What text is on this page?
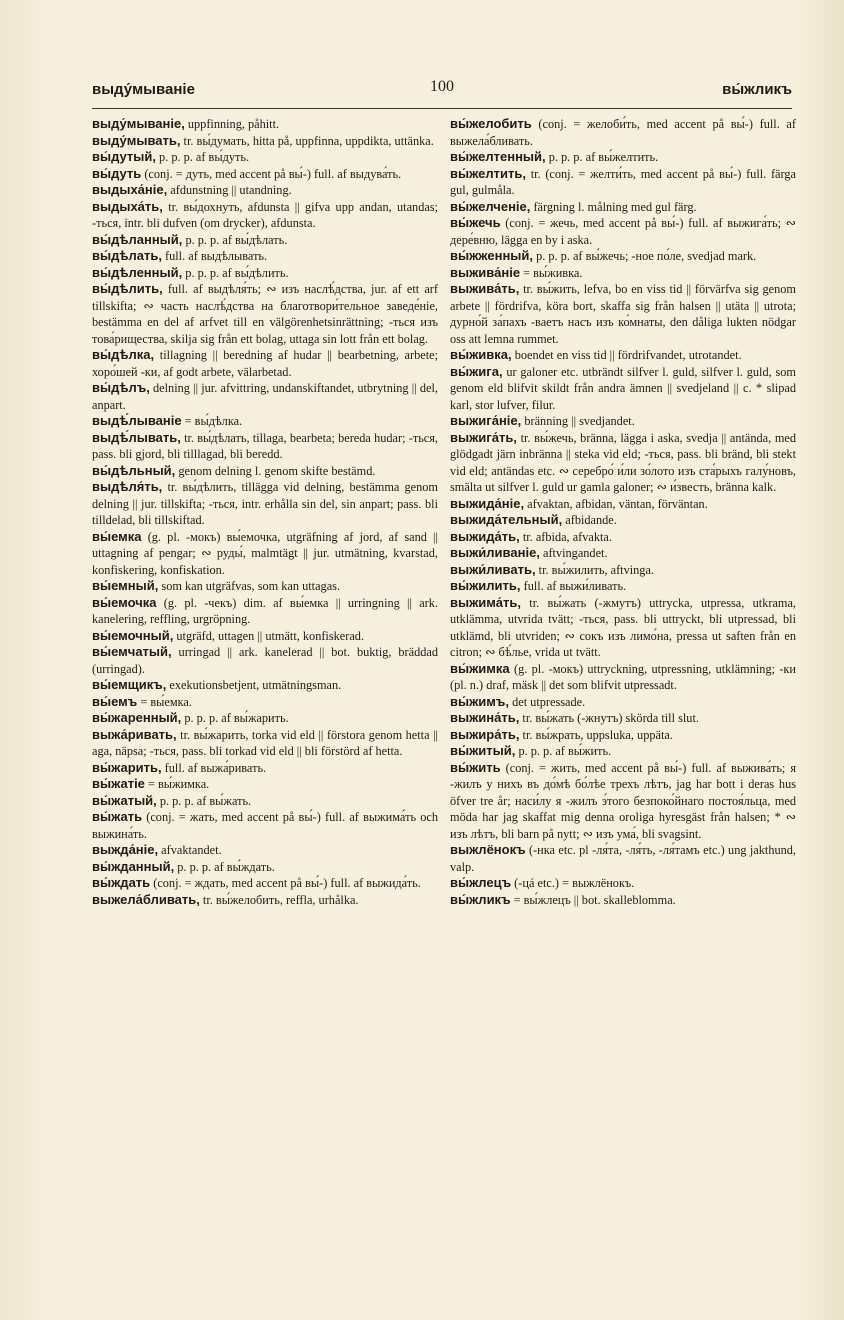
выду́мываніе	100	вы́жликъ

выду́мываніе, uppfinning, påhitt.

выду́мывать, tr. вы́думать, hitta på, uppfinna, uppdikta, uttänka.

вы́дутый, p. p. p. af вы́дуть.

вы́дуть (conj. = дуть, med accent på вы́-) full. af выдува́ть.

выдыха́ніе, afdunstning || utandning.

выдыха́ть, tr. вы́дохнуть, afdunsta || gifva upp andan, utandas; -ться, intr. bli dufven (om drycker), afdunsta.

вы́дѣланный, p. p. p. af вы́дѣлать.

вы́дѣлать, full. af выдѣлывать.

вы́дѣленный, p. p. p. af вы́дѣлить.

вы́дѣлить, full. af выдѣля́ть; ∾ изъ наслѣ́дства, jur. af ett arf tillskifta; ∾ часть наслѣ́дства на благотвори́тельное заведе́ніе, bestämma en del af arfvet till en välgörenhetsinrättning; -ться изъ това́рищества, skilja sig från ett bolag, uttaga sin lott från ett bolag.

вы́дѣлка, tillagning || beredning af hudar || bearbetning, arbete; хоро́шей -ки, af godt arbete, välarbetad.

вы́дѣлъ, delning || jur. afvittring, undanskiftandet, utbrytning || del, anpart.

выдѣ́лываніе = вы́дѣлка.

выдѣ́лывать, tr. вы́дѣлать, tillaga, bearbeta; bereda hudar; -ться, pass. bli gjord, bli tilllagad, bli beredd.

вы́дѣльный, genom delning l. genom skifte bestämd.

выдѣля́ть, tr. вы́дѣлить, tillägga vid delning, bestämma genom delning || jur. tillskifta; -ться, intr. erhålla sin del, sin anpart; pass. bli tilldelad, bli tillskiftad.

вы́емка (g. pl. -мокъ) вы́емочка, utgräfning af jord, af sand || uttagning af pengar; ∾ руды́, malmtägt || jur. utmätning, kvarstad, konfiskering, konfiskation.

вы́емный, som kan utgräfvas, som kan uttagas.

вы́емочка (g. pl. -чекъ) dim. af вы́емка || urringning || ark. kanelering, reffling, urgröpning.

вы́емочный, utgräfd, uttagen || utmätt, konfiskerad.

вы́емчатый, urringad || ark. kanelerad || bot. buktig, bräddad (urringad).

вы́емщикъ, exekutionsbetjent, utmätningsman.

вы́емъ = вы́емка.

вы́жаренный, p. p. p. af вы́жарить.

выжа́ривать, tr. вы́жарить, torka vid eld || förstora genom hetta || aga, näpsa; -ться, pass. bli torkad vid eld || bli förstörd af hetta.

вы́жарить, full. af выжа́ривать.

вы́жатіе = вы́жимка.

вы́жатый, p. p. p. af вы́жать.

вы́жать (conj. = жать, med accent på вы́-) full. af выжима́ть och выжина́ть.

выжда́ніе, afvaktandet.

вы́жданный, p. p. p. af вы́ждать.

вы́ждать (conj. = ждать, med accent på вы́-) full. af выжида́ть.

выжела́бливать, tr. вы́желобить, reffla, urhålka.

вы́желобить (conj. = желоби́ть, med accent på вы́-) full. af выжела́бливать.

вы́желтенный, p. p. p. af вы́желтить.

вы́желтить, tr. (conj. = желти́ть, med accent på вы́-) full. färga gul, gulmåla.

вы́желченіе, färgning l. målning med gul färg.

вы́жечь (conj. = жечь, med accent på вы́-) full. af выжига́ть; ∾ дере́вню, lägga en by i aska.

вы́жженный, p. p. p. af вы́жечь; -ное по́ле, svedjad mark.

выжива́ніе = вы́живка.

выжива́ть, tr. вы́жить, lefva, bo en viss tid || förvärfva sig genom arbete || fördrifva, köra bort, skaffa sig från halsen || utäta || utrota; дурно́й за́пахъ -ваетъ насъ изъ ко́мнаты, den dåliga lukten nödgar oss att lemna rummet.

вы́живка, boendet en viss tid || fördrifvandet, utrotandet.

вы́жига, ur galoner etc. utbrändt silfver l. guld, silfver l. guld, som genom eld blifvit skildt från andra ämnen || svedjeland || c. * slipad karl, stor lufver, filur.

выжига́ніе, bränning || svedjandet.

выжига́ть, tr. вы́жечь, bränna, lägga i aska, svedja || antända, med glödgadt järn inbränna || steka vid eld; -ться, pass. bli bränd, bli stekt vid eld; antändas etc. ∾ серебро́ и́ли зо́лото изъ ста́рыхъ галу́новъ, smälta ut silfver l. guld ur gamla galoner; ∾ и́звесть, bränna kalk.

выжида́ніе, afvaktan, afbidan, väntan, förväntan.

выжида́тельный, afbidande.

выжида́ть, tr. afbida, afvakta.

выжи́ливаніе, aftvingandet.

выжи́ливать, tr. вы́жилить, aftvinga.

вы́жилить, full. af выжи́ливать.

выжима́ть, tr. вы́жать (-жмутъ) uttrycka, utpressa, utkrama, utklämma, utvrida tvätt; -ться, pass. bli uttryckt, bli utpressad, bli utklämd, bli utvriden; ∾ сокъ изъ лимо́на, pressa ut saften från en citron; ∾ бѣ́лье, vrida ut tvätt.

вы́жимка (g. pl. -мокъ) uttryckning, utpressning, utklämning; -ки (pl. n.) draf, mäsk || det som blifvit utpressadt.

вы́жимъ, det utpressade.

выжина́ть, tr. вы́жать (-жнутъ) skörda till slut.

выжира́ть, tr. вы́жрать, uppsluka, uppäta.

вы́житый, p. p. p. af вы́жить.

вы́жить (conj. = жить, med accent på вы́-) full. af выжива́ть; я -жилъ у нихъ въ до́мѣ бо́лѣе трехъ лѣтъ, jag har bott i deras hus öfver tre år; наси́лу я -жилъ э́того безпоко́йнаго постоя́льца, med möda har jag skaffat mig denna oroliga hyresgäst från halsen; * ∾ изъ лѣтъ, bli barn på nytt; ∾ изъ ума́, bli svagsint.

выжлёнокъ (-нка etc. pl -ля́та, -ля́ть, -ля́тамъ etc.) ung jakthund, valp.

вы́жлецъ (-цá etc.) = выжлёнокъ.

вы́жликъ = вы́жлецъ || bot. skalleblomma.
